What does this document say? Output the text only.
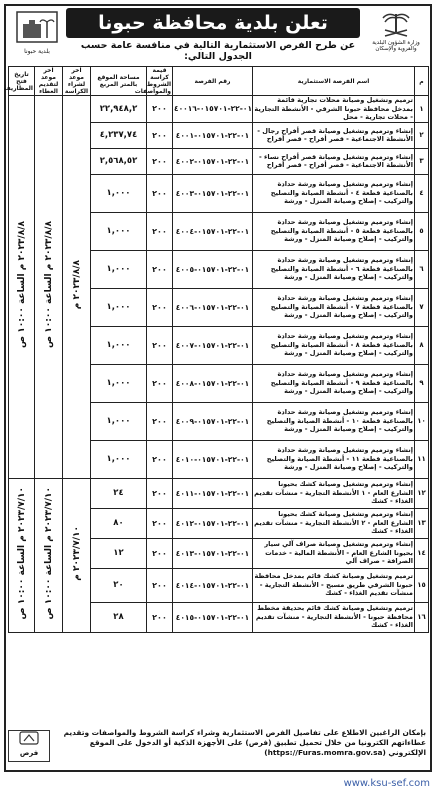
وزارة الشؤون البلدية والقروية والإسكان
تعلن بلدية محافظة حبونا
عن طرح الفرص الاستثمارية التالية في منافسة عامة حسب الجدول التالي:
بلدية حبونا
م	اسم الفرصة الاستثمارية	رقم الفرصة	قيمة كراسة الشروط والمواصفات	مساحة الموقع بالمتر المربع	آخر موعد لشراء الكراسة	آخر موعد لتقديم العطاء	تاريخ فتح المظاريف
١	ترميم وتشغيل وصيانة محلات تجارية قائمة بمدخل محافظة حبونا الشرقي - الأنشطة التجارية - محلات تجارية - محل	٠١-٢٢-٠١٥٧٠١-٤٠٠١٦	٢٠٠	٢٢,٩٤٨,٢	٢٠٢٣/٨/٨ م	٢٠٢٣/٨/٨ م الساعة ١٠:٠٠ ص	٢٠٢٣/٨/٨ م الساعة ١٠:٠٠ ص
٢	إنشاء وترميم وتشغيل وصيانة قصر أفراح رجال - الأنشطة الاجتماعية - قصر أفراح - قصر أفراح	٠١-٢٢-٠١٥٧٠١-٤٠٠١	٢٠٠	٤,٢٣٧,٧٤			
٣	إنشاء وترميم وتشغيل وصيانة قصر أفراح نساء - الأنشطة الاجتماعية - قصر أفراح - قصر أفراح	٠١-٢٢-٠١٥٧٠١-٤٠٠٢	٢٠٠	٢,٥٦٨,٥٢			
٤	إنشاء وترميم وتشغيل وصيانة ورشة حدادة بالصناعية قطعة ٤ - أنشطة الصيانة والتصليح والتركيب - إصلاح وصيانة المنزل - ورشة	٠١-٢٢-٠١٥٧٠١-٤٠٠٣	٢٠٠	١,٠٠٠			
٥	إنشاء وترميم وتشغيل وصيانة ورشة حدادة بالصناعية قطعة ٥ - أنشطة الصيانة والتصليح والتركيب - إصلاح وصيانة المنزل - ورشة	٠١-٢٢-٠١٥٧٠١-٤٠٠٤	٢٠٠	١,٠٠٠			
٦	إنشاء وترميم وتشغيل وصيانة ورشة حدادة بالصناعية قطعة ٦ - أنشطة الصيانة والتصليح والتركيب - إصلاح وصيانة المنزل - ورشة	٠١-٢٢-٠١٥٧٠١-٤٠٠٥	٢٠٠	١,٠٠٠			
٧	إنشاء وترميم وتشغيل وصيانة ورشة حدادة بالصناعية قطعة ٧ - أنشطة الصيانة والتصليح والتركيب - إصلاح وصيانة المنزل - ورشة	٠١-٢٢-٠١٥٧٠١-٤٠٠٦	٢٠٠	١,٠٠٠			
٨	إنشاء وترميم وتشغيل وصيانة ورشة حدادة بالصناعية قطعة ٨ - أنشطة الصيانة والتصليح والتركيب - إصلاح وصيانة المنزل - ورشة	٠١-٢٢-٠١٥٧٠١-٤٠٠٧	٢٠٠	١,٠٠٠			
٩	إنشاء وترميم وتشغيل وصيانة ورشة حدادة بالصناعية قطعة ٩ - أنشطة الصيانة والتصليح والتركيب - إصلاح وصيانة المنزل - ورشة	٠١-٢٢-٠١٥٧٠١-٤٠٠٨	٢٠٠	١,٠٠٠			
١٠	إنشاء وترميم وتشغيل وصيانة ورشة حدادة بالصناعية قطعة ١٠ - أنشطة الصيانة والتصليح والتركيب - إصلاح وصيانة المنزل - ورشة	٠١-٢٢-٠١٥٧٠١-٤٠٠٩	٢٠٠	١,٠٠٠			
١١	إنشاء وترميم وتشغيل وصيانة ورشة حدادة بالصناعية قطعة ١١ - أنشطة الصيانة والتصليح والتركيب - إصلاح وصيانة المنزل - ورشة	٠١-٢٢-٠١٥٧٠١-٤٠١٠	٢٠٠	١,٠٠٠			
١٢	إنشاء وترميم وتشغيل وصيانة كشك بحيونا الشارع العام - ١ الأنشطة التجارية - منشآت تقديم الغذاء - كشك	٠١-٢٢-٠١٥٧٠١-٤٠١١	٢٠٠	٢٤	٢٠٢٣/٧/١٠ م	٢٠٢٣/٧/١٠ م الساعة ١٠:٠٠ ص	٢٠٢٣/٧/١٠ م الساعة ١٠:٠٠ ص
١٣	إنشاء وترميم وتشغيل وصيانة كشك بحيونا الشارع العام - ٢ الأنشطة التجارية - منشآت تقديم الغذاء - كشك	٠١-٢٢-٠١٥٧٠١-٤٠١٢	٢٠٠	٨٠			
١٤	إنشاء وترميم وتشغيل وصيانة صراف آلي سيار بحيونا الشارع العام - الأنشطة المالية - خدمات الصرافة - صراف آلي	٠١-٢٢-٠١٥٧٠١-٤٠١٣	٢٠٠	١٢			
١٥	ترميم وتشغيل وصيانة كشك قائم بمدخل محافظة حبونا الشرقي طريق مسبح - الأنشطة التجارية - منشآت تقديم الغذاء - كشك	٠١-٢٢-٠١٥٧٠١-٤٠١٤	٢٠٠	٢٠			
١٦	ترميم وتشغيل وصيانة كشك قائم بحديقة مخطط محافظة حبونا - الأنشطة التجارية - منشآت تقديم الغذاء - كشك	٠١-٢٢-٠١٥٧٠١-٤٠١٥	٢٠٠	٢٨			
فرص
بإمكان الراغبين الاطلاع على تفاصيل الفرص الاستثمارية وشراء كراسة الشروط والمواصفات وتقديم عطاءاتهم الكترونيا من خلال تحميل تطبيق (فرص) على الأجهزة الذكية أو الدخول على الموقع الإلكتروني (https://Furas.momra.gov.sa)
www.ksu-sef.com
